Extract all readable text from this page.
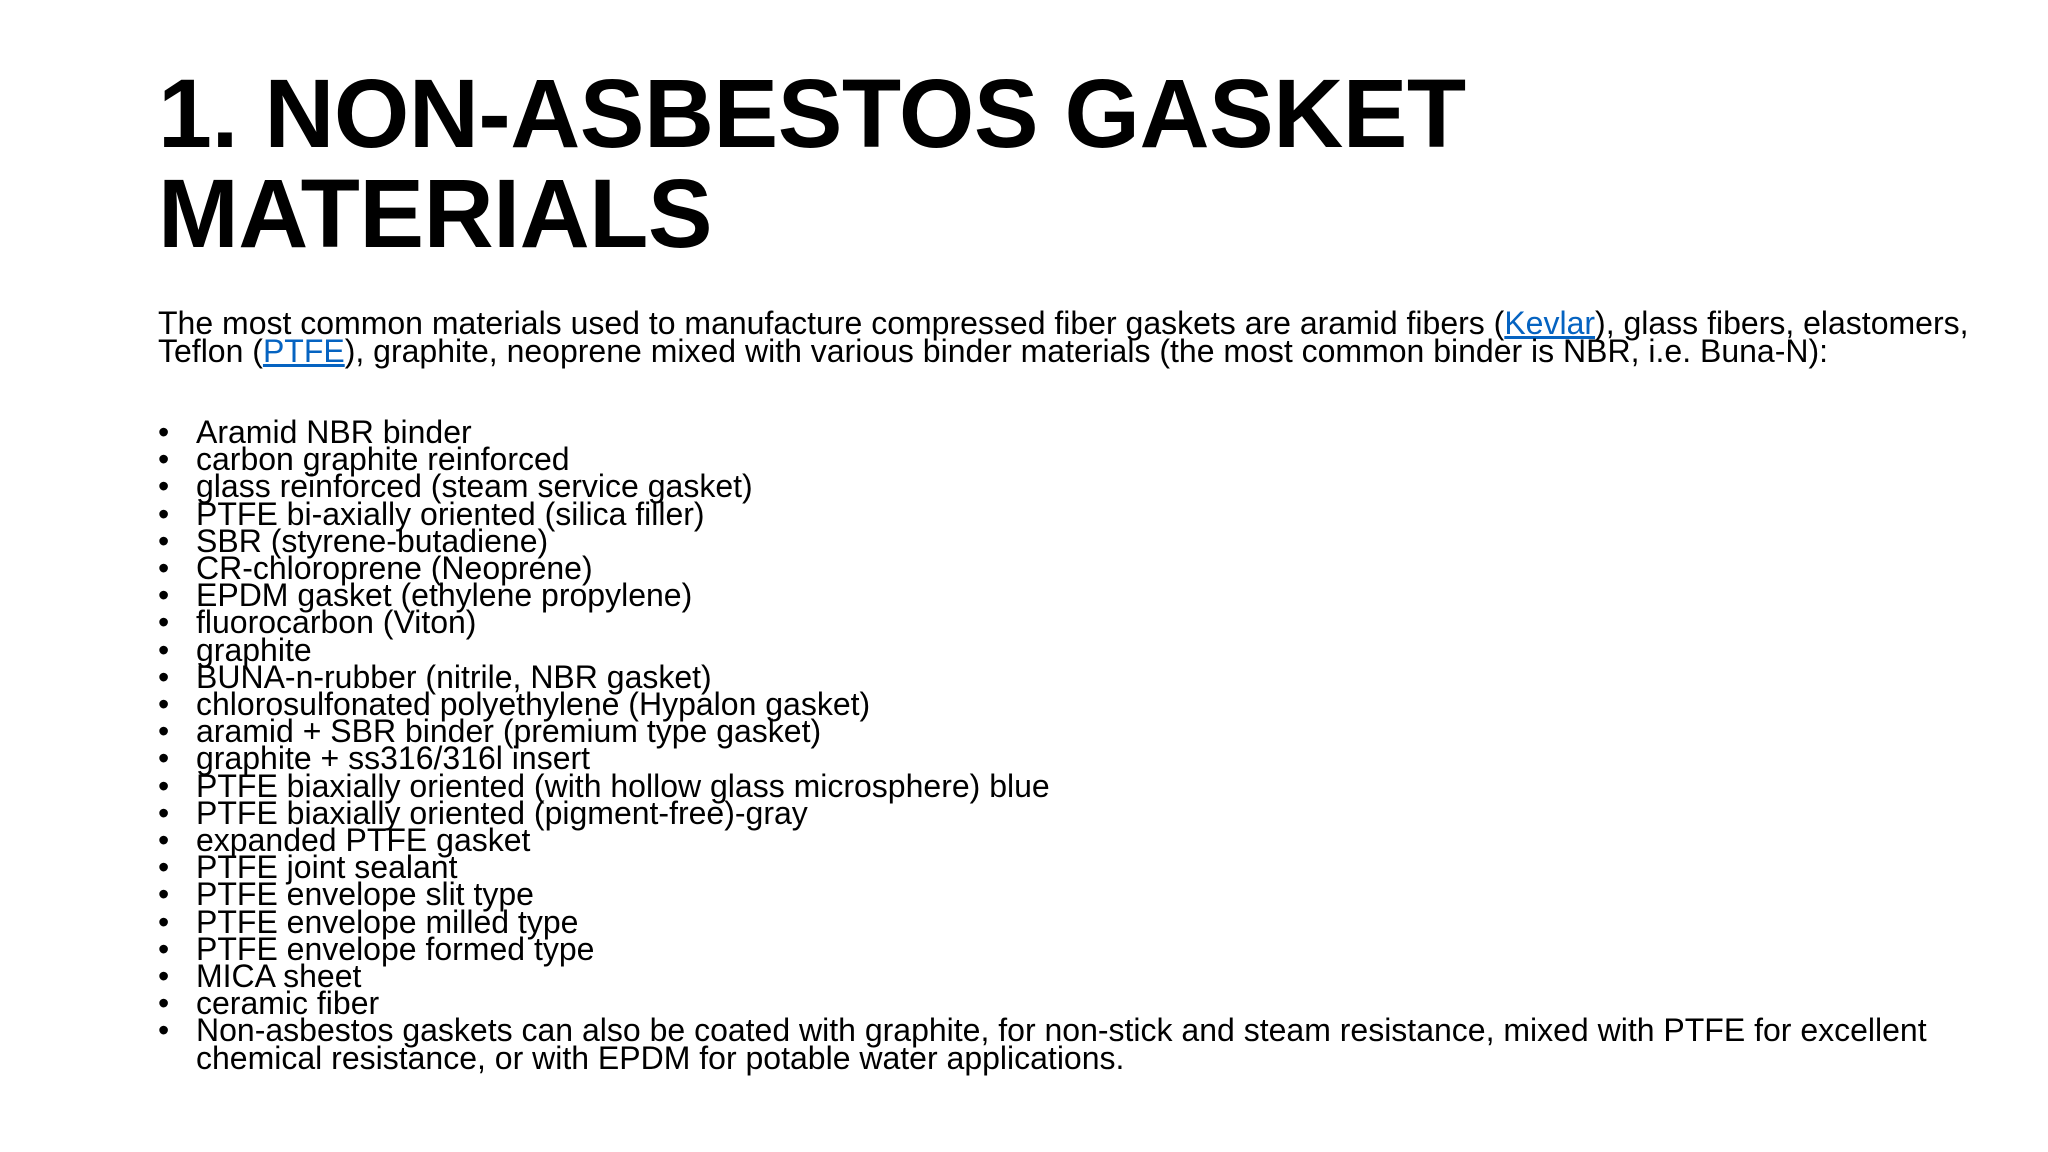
1. NON-ASBESTOS GASKET MATERIALS

The most common materials used to manufacture compressed fiber gaskets are aramid fibers (Kevlar), glass fibers, elastomers, Teflon (PTFE), graphite, neoprene mixed with various binder materials (the most common binder is NBR, i.e. Buna-N):

• Aramid NBR binder
• carbon graphite reinforced
• glass reinforced (steam service gasket)
• PTFE bi-axially oriented (silica filler)
• SBR (styrene-butadiene)
• CR-chloroprene (Neoprene)
• EPDM gasket (ethylene propylene)
• fluorocarbon (Viton)
• graphite
• BUNA-n-rubber (nitrile, NBR gasket)
• chlorosulfonated polyethylene (Hypalon gasket)
• aramid + SBR binder (premium type gasket)
• graphite + ss316/316l insert
• PTFE biaxially oriented (with hollow glass microsphere) blue
• PTFE biaxially oriented (pigment-free)-gray
• expanded PTFE gasket
• PTFE joint sealant
• PTFE envelope slit type
• PTFE envelope milled type
• PTFE envelope formed type
• MICA sheet
• ceramic fiber
• Non-asbestos gaskets can also be coated with graphite, for non-stick and steam resistance, mixed with PTFE for excellent chemical resistance, or with EPDM for potable water applications.
